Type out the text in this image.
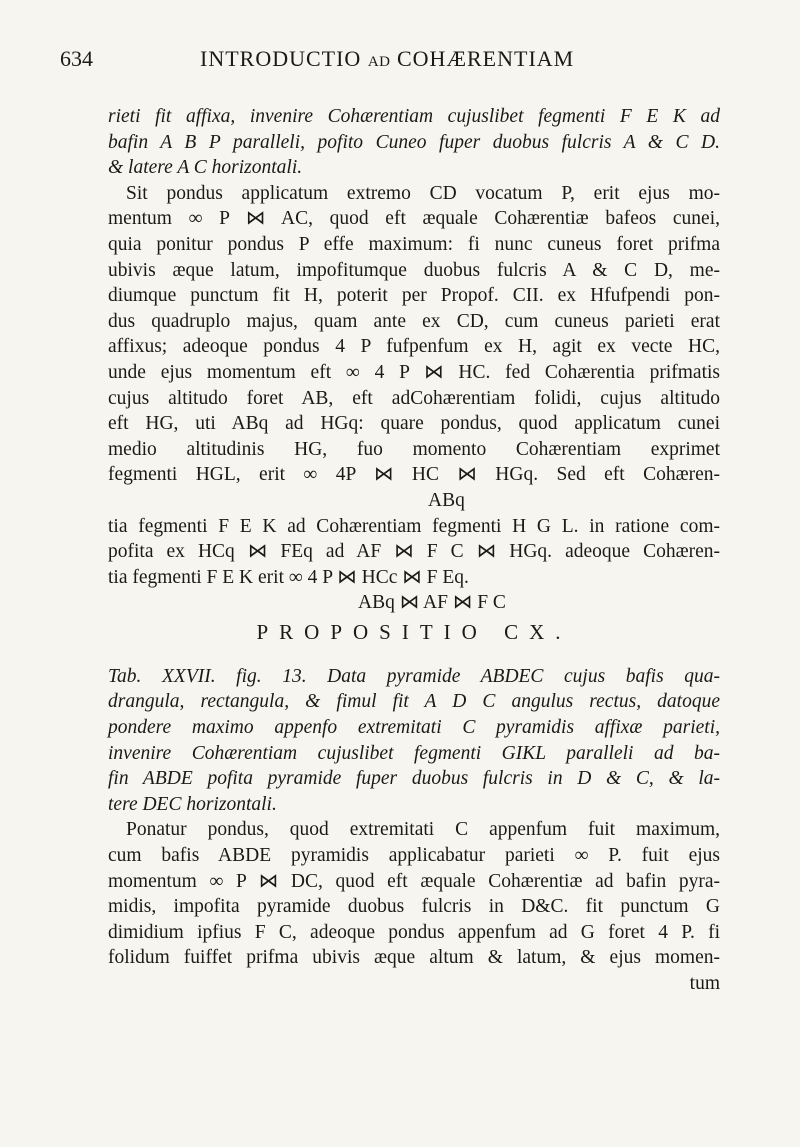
634	INTRODUCTIO AD COHÆRENTIAM
rieti fit affixa, invenire Cohærentiam cujuslibet fegmenti F E K ad
bafin A B P paralleli, pofito Cuneo fuper duobus fulcris A & C D.
& latere A C horizontali.
Sit pondus applicatum extremo CD vocatum P, erit ejus mo-
mentum ∞ P ⋈ AC, quod eft æquale Cohærentiæ bafeos cunei,
quia ponitur pondus P effe maximum: fi nunc cuneus foret prifma
ubivis æque latum, impofitumque duobus fulcris A & C D, me-
diumque punctum fit H, poterit per Propof. CII. ex Hfufpendi pon-
dus quadruplo majus, quam ante ex CD, cum cuneus parieti erat
affixus; adeoque pondus 4 P fufpenfum ex H, agit ex vecte HC,
unde ejus momentum eft ∞ 4 P ⋈ HC. fed Cohærentia prifmatis
cujus altitudo foret AB, eft adCohærentiam folidi, cujus altitudo
eft HG, uti ABq ad HGq: quare pondus, quod applicatum cunei
medio altitudinis HG, fuo momento Cohærentiam exprimet
fegmenti HGL, erit ∞ 4P ⋈ HC ⋈ HGq. Sed eft Cohæren-
ABq
tia fegmenti F E K ad Cohærentiam fegmenti H G L. in ratione com-
pofita ex HCq ⋈ FEq ad AF ⋈ F C ⋈ HGq. adeoque Cohæren-
tia fegmenti F E K erit ∞ 4 P ⋈ HCc ⋈ F Eq.
ABq ⋈ AF ⋈ F C
PROPOSITIO CX.
Tab. XXVII. fig. 13. Data pyramide ABDEC cujus bafis qua-
drangula, rectangula, & fimul fit A D C angulus rectus, datoque
pondere maximo appenfo extremitati C pyramidis affixæ parieti,
invenire Cohærentiam cujuslibet fegmenti GIKL paralleli ad ba-
fin ABDE pofita pyramide fuper duobus fulcris in D & C, & la-
tere DEC horizontali.
Ponatur pondus, quod extremitati C appenfum fuit maximum,
cum bafis ABDE pyramidis applicabatur parieti ∞ P. fuit ejus
momentum ∞ P ⋈ DC, quod eft æquale Cohærentiæ ad bafin pyra-
midis, impofita pyramide duobus fulcris in D&C. fit punctum G
dimidium ipfius F C, adeoque pondus appenfum ad G foret 4 P. fi
folidum fuiffet prifma ubivis æque altum & latum, & ejus momen-
tum
